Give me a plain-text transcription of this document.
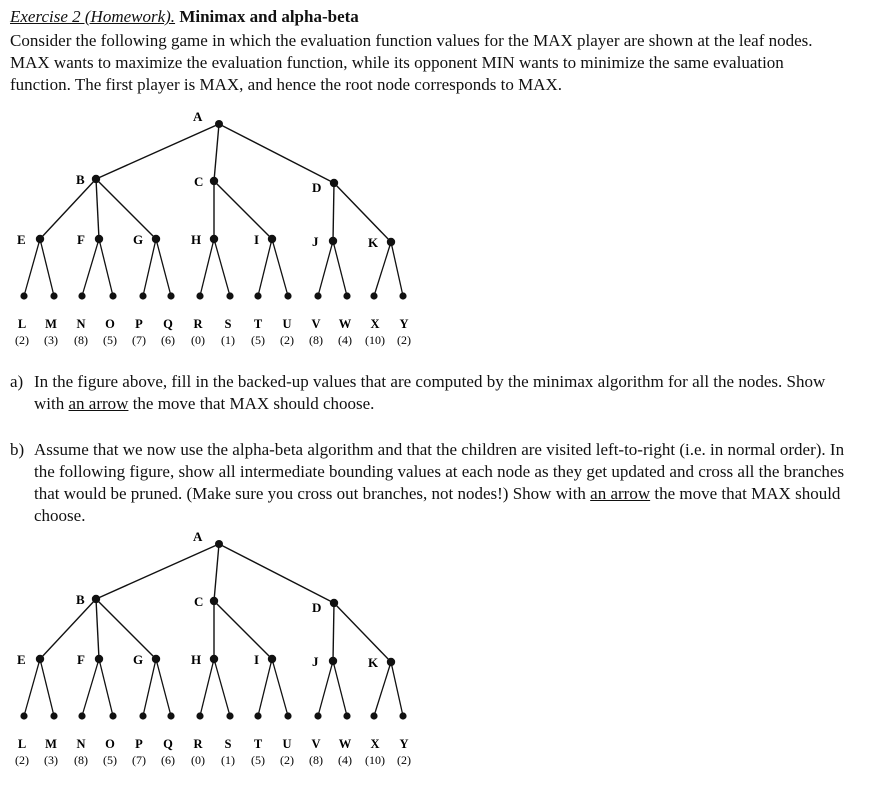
Exercise 2 (Homework). Minimax and alpha-beta
Consider the following game in which the evaluation function values for the MAX player are shown at the leaf nodes. MAX wants to maximize the evaluation function, while its opponent MIN wants to minimize the same evaluation function. The first player is MAX, and hence the root node corresponds to MAX.
a) In the figure above, fill in the backed-up values that are computed by the minimax algorithm for all the nodes. Show with an arrow the move that MAX should choose.
b) Assume that we now use the alpha-beta algorithm and that the children are visited left-to-right (i.e. in normal order). In the following figure, show all intermediate bounding values at each node as they get updated and cross all the branches that would be pruned. (Make sure you cross out branches, not nodes!) Show with an arrow the move that MAX should choose.
A
B	C	D
E	F	G	H	I	J	K
L M N O P Q R S T U V W X Y
(2) (3) (8) (5) (7) (6) (0) (1) (5) (2) (8) (4) (10) (2)
A
B	C	D
E	F	G	H	I	J	K
L M N O P Q R S T U V W X Y
(2) (3) (8) (5) (7) (6) (0) (1) (5) (2) (8) (4) (10) (2)
